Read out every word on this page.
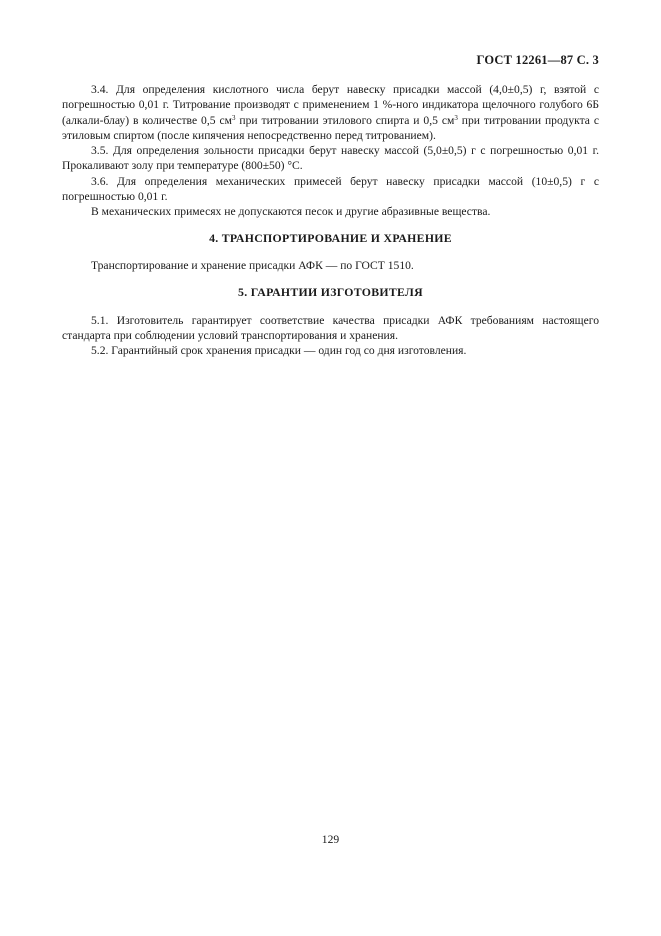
ГОСТ 12261—87 С. 3

3.4. Для определения кислотного числа берут навеску присадки массой (4,0±0,5) г, взятой с погрешностью 0,01 г. Титрование производят с применением 1 %-ного индикатора щелочного голубого 6Б (алкали-блау) в количестве 0,5 $см^3$ при титровании этилового спирта и 0,5 $см^3$ при титровании продукта с этиловым спиртом (после кипячения непосредственно перед титрованием).

3.5. Для определения зольности присадки берут навеску массой (5,0±0,5) г с погрешностью 0,01 г. Прокаливают золу при температуре (800±50) °С.

3.6. Для определения механических примесей берут навеску присадки массой (10±0,5) г с погрешностью 0,01 г.

В механических примесях не допускаются песок и другие абразивные вещества.

4. ТРАНСПОРТИРОВАНИЕ И ХРАНЕНИЕ

Транспортирование и хранение присадки АФК — по ГОСТ 1510.

5. ГАРАНТИИ ИЗГОТОВИТЕЛЯ

5.1. Изготовитель гарантирует соответствие качества присадки АФК требованиям настоящего стандарта при соблюдении условий транспортирования и хранения.

5.2. Гарантийный срок хранения присадки — один год со дня изготовления.

129
